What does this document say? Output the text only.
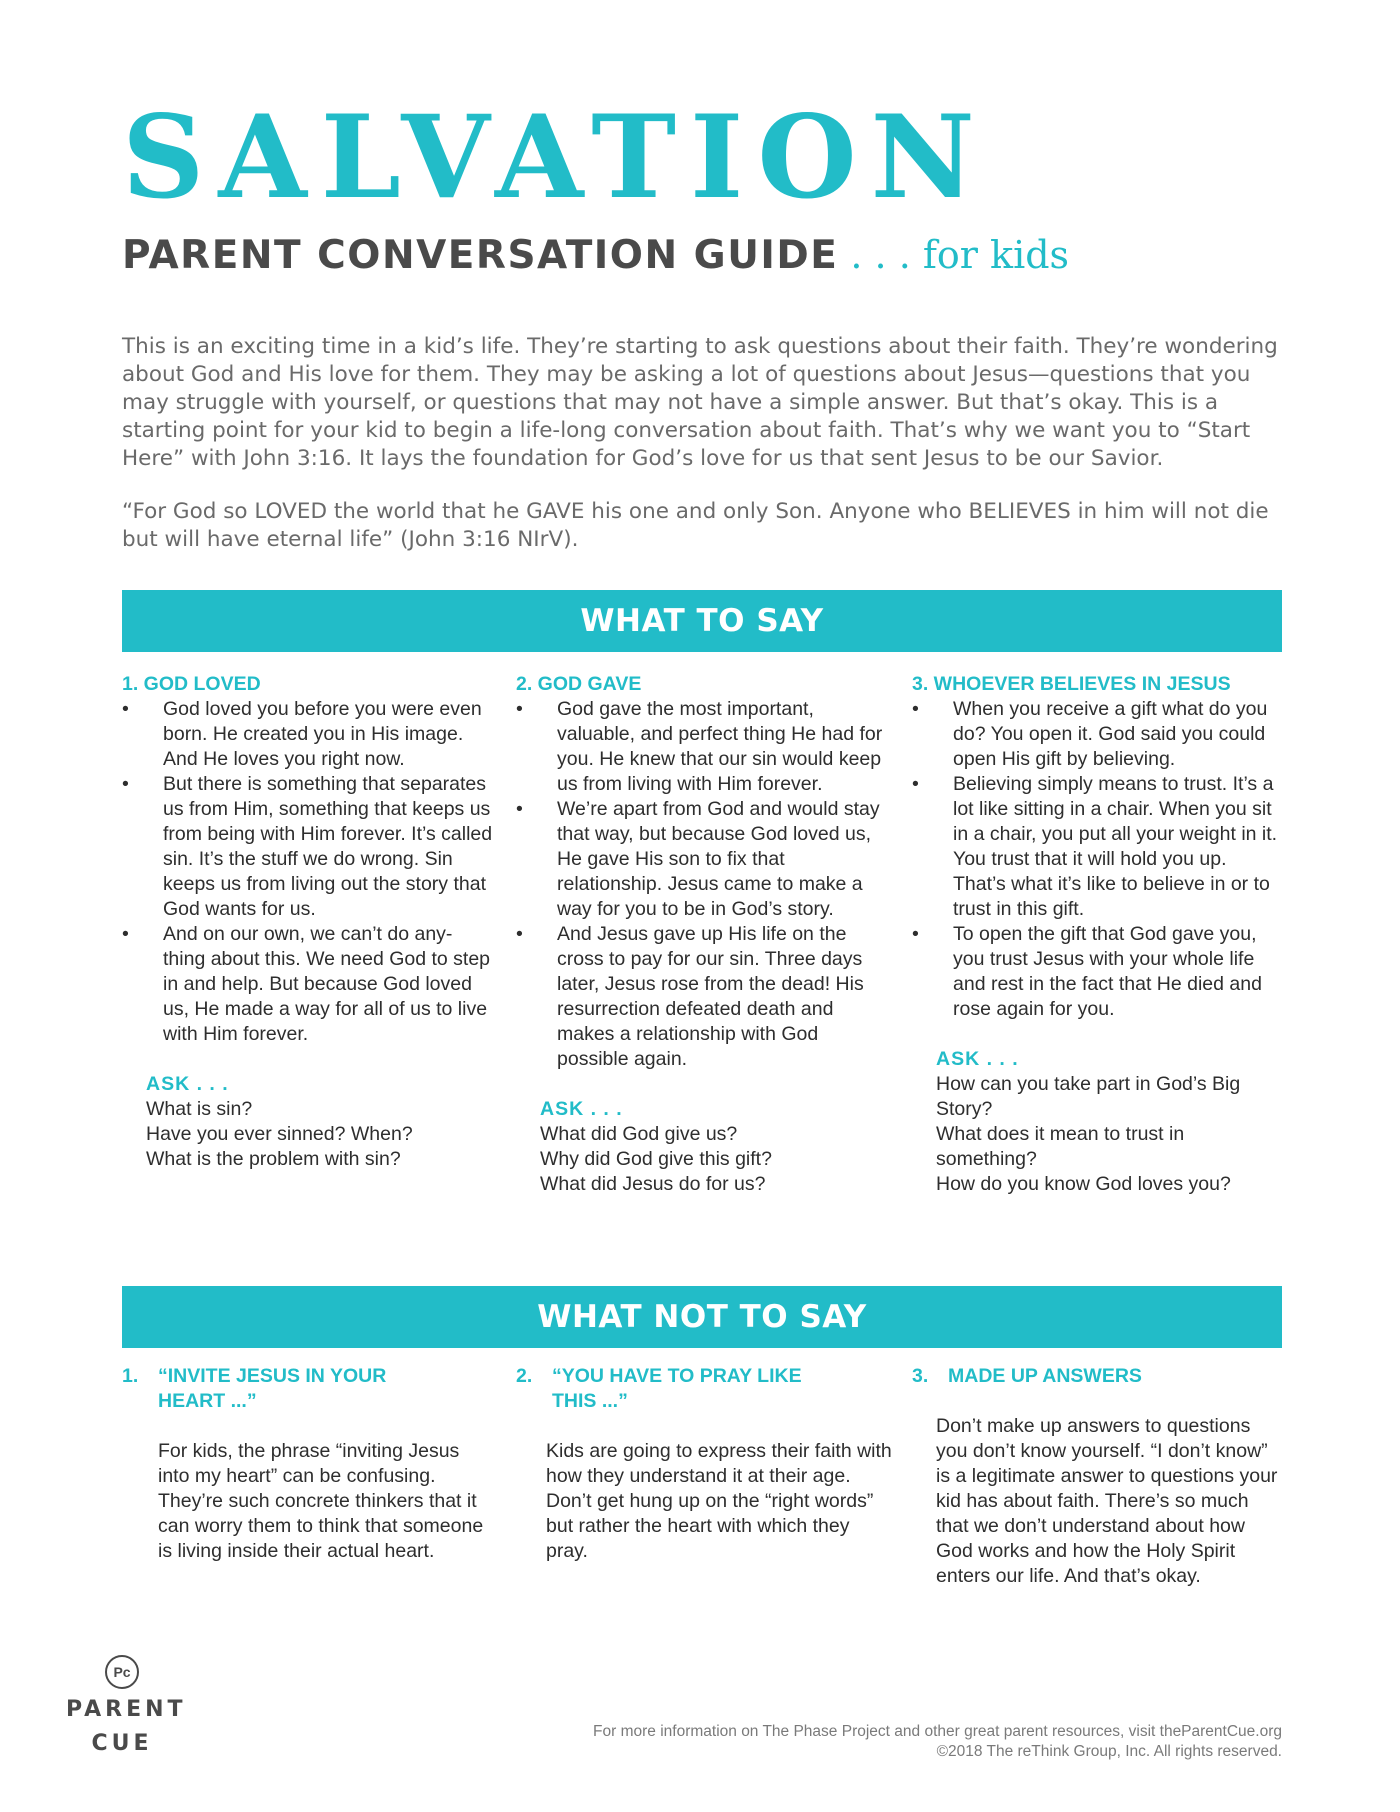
SALVATION
PARENT CONVERSATION GUIDE . . . for kids

This is an exciting time in a kid’s life. They’re starting to ask questions about their faith. They’re wondering about God and His love for them. They may be asking a lot of questions about Jesus—questions that you may struggle with yourself, or questions that may not have a simple answer. But that’s okay. This is a starting point for your kid to begin a life-long conversation about faith. That’s why we want you to “Start Here” with John 3:16. It lays the foundation for God’s love for us that sent Jesus to be our Savior.

“For God so LOVED the world that he GAVE his one and only Son. Anyone who BELIEVES in him will not die but will have eternal life” (John 3:16 NIrV).

WHAT TO SAY
1. GOD LOVED
• God loved you before you were even born. He created you in His image. And He loves you right now.
• But there is something that separates us from Him, something that keeps us from being with Him forever. It’s called sin. It’s the stuff we do wrong. Sin keeps us from living out the story that God wants for us.
• And on our own, we can’t do any-thing about this. We need God to step in and help. But because God loved us, He made a way for all of us to live with Him forever.
ASK . . .
What is sin?
Have you ever sinned? When?
What is the problem with sin?
2. GOD GAVE
• God gave the most important, valuable, and perfect thing He had for you. He knew that our sin would keep us from living with Him forever.
• We’re apart from God and would stay that way, but because God loved us, He gave His son to fix that relationship. Jesus came to make a way for you to be in God’s story.
• And Jesus gave up His life on the cross to pay for our sin. Three days later, Jesus rose from the dead! His resurrection defeated death and makes a relationship with God possible again.
ASK . . .
What did God give us?
Why did God give this gift?
What did Jesus do for us?
3. WHOEVER BELIEVES IN JESUS
• When you receive a gift what do you do? You open it. God said you could open His gift by believing.
• Believing simply means to trust. It’s a lot like sitting in a chair. When you sit in a chair, you put all your weight in it. You trust that it will hold you up. That’s what it’s like to believe in or to trust in this gift.
• To open the gift that God gave you, you trust Jesus with your whole life and rest in the fact that He died and rose again for you.
ASK . . .
How can you take part in God’s Big Story?
What does it mean to trust in something?
How do you know God loves you?
WHAT NOT TO SAY
1.	“INVITE JESUS IN YOUR HEART ...”
For kids, the phrase “inviting Jesus into my heart” can be confusing. They’re such concrete thinkers that it can worry them to think that someone is living inside their actual heart.
2.	“YOU HAVE TO PRAY LIKE THIS ...”
Kids are going to express their faith with how they understand it at their age. Don’t get hung up on the “right words” but rather the heart with which they pray.
3.	MADE UP ANSWERS
Don’t make up answers to questions you don’t know yourself. “I don’t know” is a legitimate answer to questions your kid has about faith. There’s so much that we don’t understand about how God works and how the Holy Spirit enters our life. And that’s okay.
Pc
PARENT
CUE	For more information on The Phase Project and other great parent resources, visit theParentCue.org
©2018 The reThink Group, Inc. All rights reserved.
